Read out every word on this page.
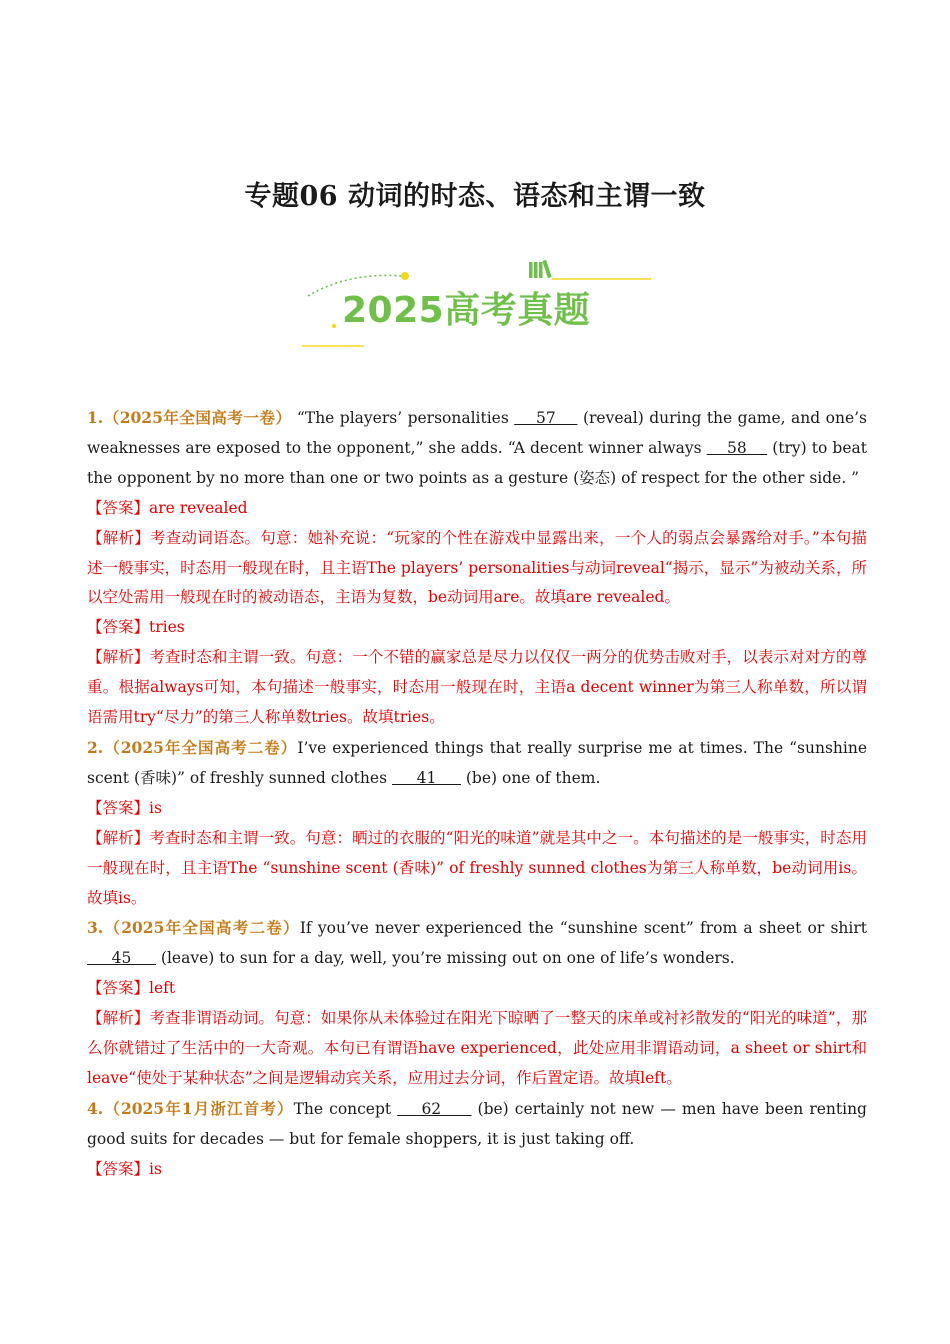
专题06 动词的时态、语态和主谓一致
2025高考真题

1.（2025年全国高考一卷） “The players’ personalities     57     (reveal) during the game, and one’s weaknesses are exposed to the opponent,” she adds. “A decent winner always     58     (try) to beat the opponent by no more than one or two points as a gesture (姿态) of respect for the other side. ”

【答案】are revealed

【解析】考查动词语态。句意：她补充说：“玩家的个性在游戏中显露出来，一个人的弱点会暴露给对手。”本句描述一般事实，时态用一般现在时，且主语The players’ personalities与动词reveal“揭示，显示”为被动关系，所以空处需用一般现在时的被动语态，主语为复数，be动词用are。故填are revealed。

【答案】tries

【解析】考查时态和主谓一致。句意：一个不错的赢家总是尽力以仅仅一两分的优势击败对手，以表示对对方的尊重。根据always可知，本句描述一般事实，时态用一般现在时，主语a decent winner为第三人称单数，所以谓语需用try“尽力”的第三人称单数tries。故填tries。

2.（2025年全国高考二卷）I’ve experienced things that really surprise me at times. The “sunshine scent (香味)” of freshly sunned clothes      41      (be) one of them.

【答案】is

【解析】考查时态和主谓一致。句意：晒过的衣服的“阳光的味道”就是其中之一。本句描述的是一般事实，时态用一般现在时，且主语The “sunshine scent (香味)” of freshly sunned clothes为第三人称单数，be动词用is。故填is。

3.（2025年全国高考二卷）If you’ve never experienced the “sunshine scent” from a sheet or shirt      45      (leave) to sun for a day, well, you’re missing out on one of life’s wonders.

【答案】left

【解析】考查非谓语动词。句意：如果你从未体验过在阳光下晾晒了一整天的床单或衬衫散发的“阳光的味道”，那么你就错过了生活中的一大奇观。本句已有谓语have experienced，此处应用非谓语动词，a sheet or shirt和leave“使处于某种状态”之间是逻辑动宾关系，应用过去分词，作后置定语。故填left。

4.（2025年1月浙江首考）The concept     62      (be) certainly not new — men have been renting good suits for decades — but for female shoppers, it is just taking off.

【答案】is
